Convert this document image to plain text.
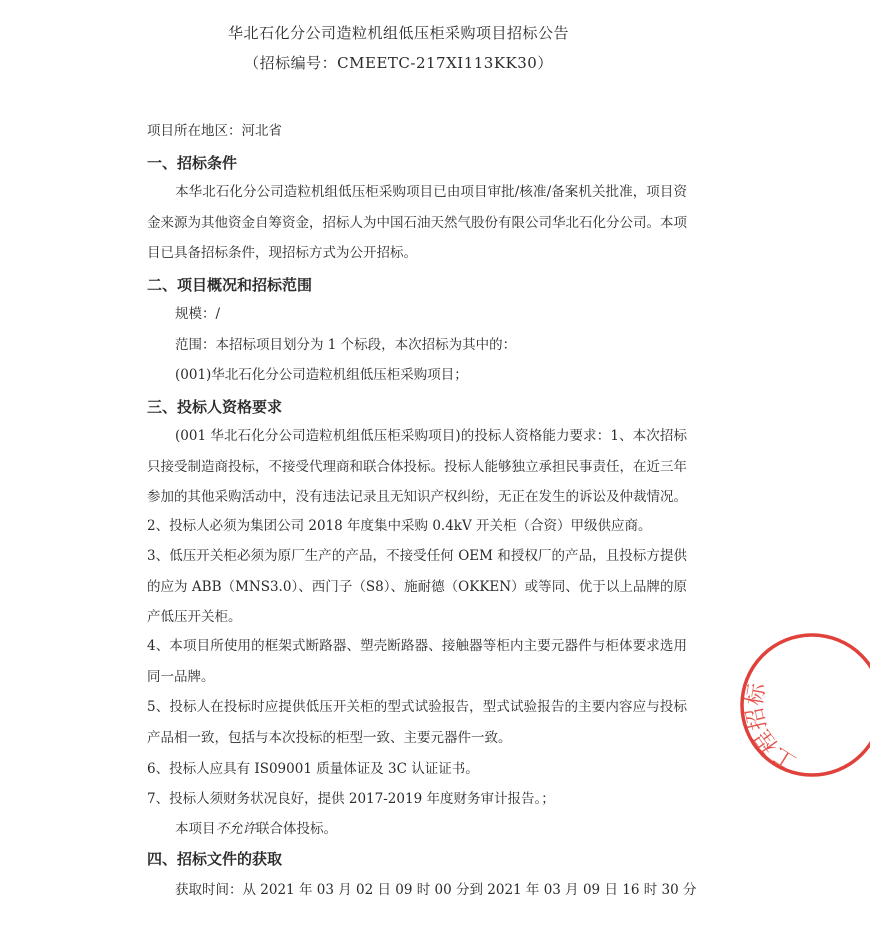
华北石化分公司造粒机组低压柜采购项目招标公告
（招标编号：CMEETC-217XI113KK30）
项目所在地区：河北省
一、招标条件
本华北石化分公司造粒机组低压柜采购项目已由项目审批/核准/备案机关批准，项目资金来源为其他资金自筹资金，招标人为中国石油天然气股份有限公司华北石化分公司。本项目已具备招标条件，现招标方式为公开招标。
二、项目概况和招标范围
规模：/
范围：本招标项目划分为 1 个标段，本次招标为其中的：
(001)华北石化分公司造粒机组低压柜采购项目；
三、投标人资格要求
(001 华北石化分公司造粒机组低压柜采购项目)的投标人资格能力要求：1、本次招标只接受制造商投标，不接受代理商和联合体投标。投标人能够独立承担民事责任，在近三年参加的其他采购活动中，没有违法记录且无知识产权纠纷，无正在发生的诉讼及仲裁情况。
2、投标人必须为集团公司 2018 年度集中采购 0.4kV 开关柜（合资）甲级供应商。
3、低压开关柜必须为原厂生产的产品，不接受任何 OEM 和授权厂的产品，且投标方提供的应为 ABB（MNS3.0）、西门子（S8）、施耐德（OKKEN）或等同、优于以上品牌的原产低压开关柜。
4、本项目所使用的框架式断路器、塑壳断路器、接触器等柜内主要元器件与柜体要求选用同一品牌。
5、投标人在投标时应提供低压开关柜的型式试验报告，型式试验报告的主要内容应与投标产品相一致，包括与本次投标的柜型一致、主要元器件一致。
6、投标人应具有 IS09001 质量体证及 3C 认证证书。
7、投标人须财务状况良好，提供 2017-2019 年度财务审计报告。；
本项目不允许联合体投标。
四、招标文件的获取
获取时间：从 2021 年 03 月 02 日 09 时 00 分到 2021 年 03 月 09 日 16 时 30 分
工程招标
